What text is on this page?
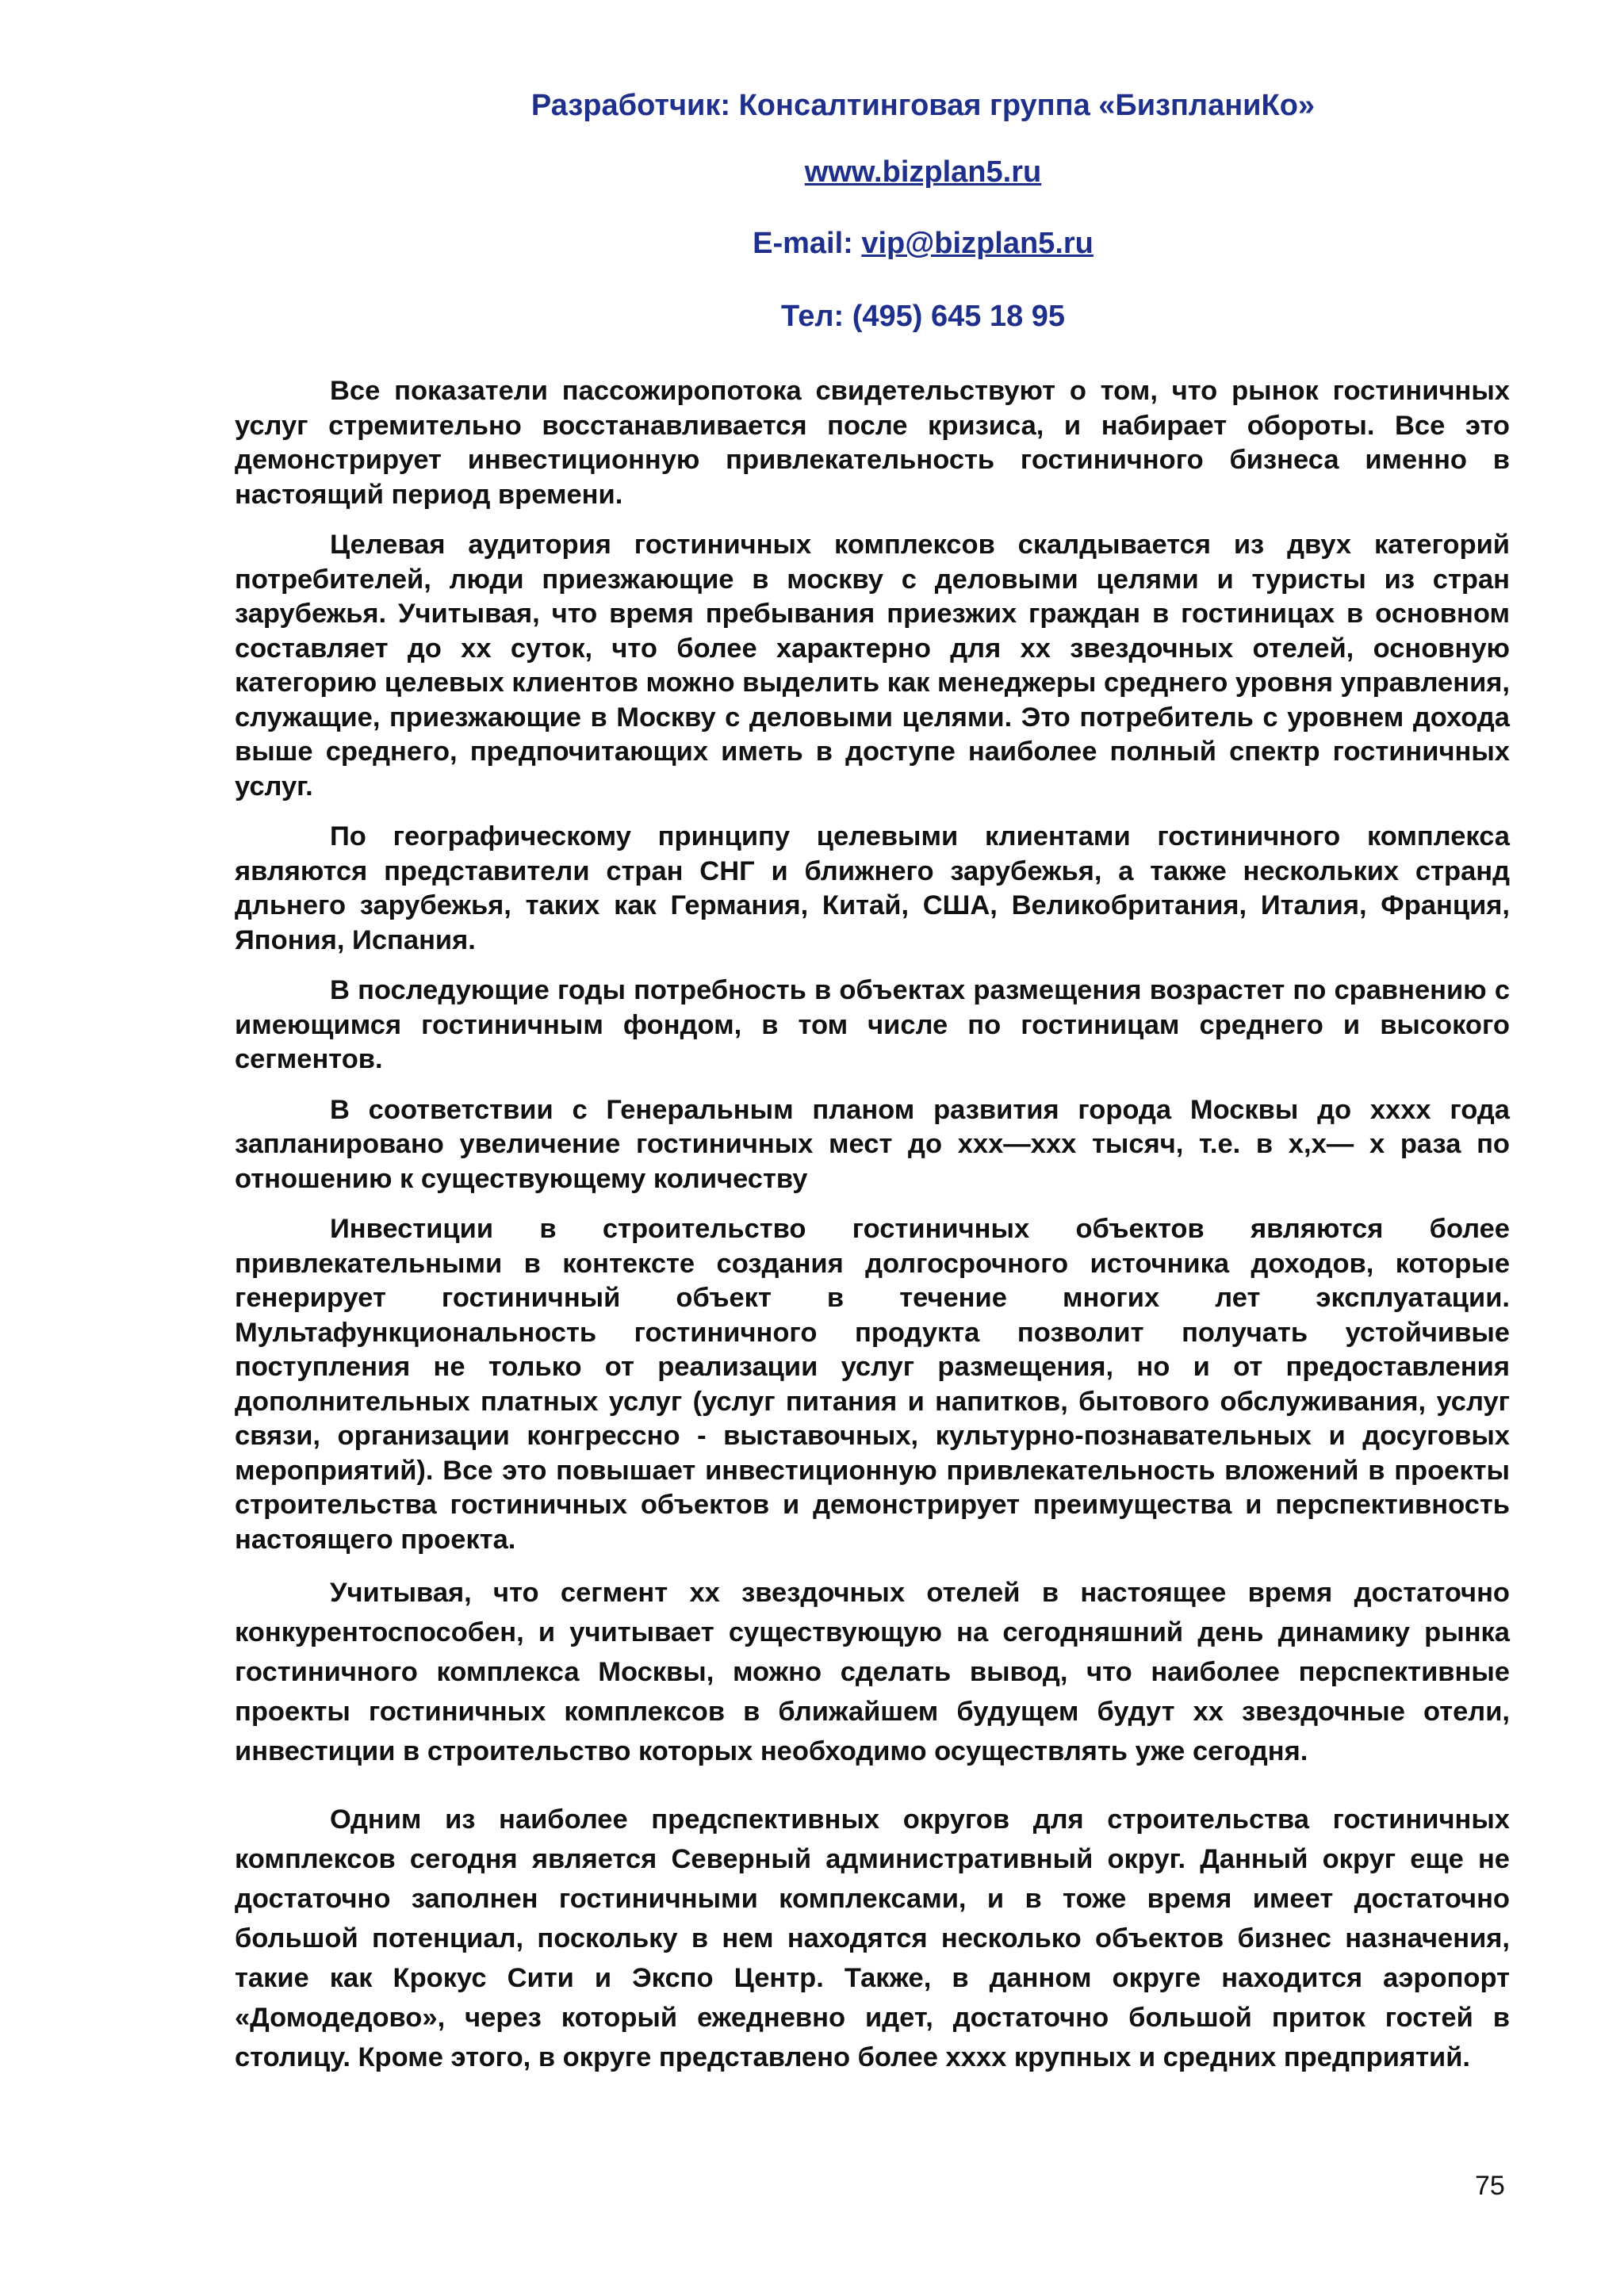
Разработчик: Консалтинговая группа «БизпланиКо»
www.bizplan5.ru
E-mail: vip@bizplan5.ru
Тел: (495) 645 18 95

Все показатели пассожиропотока свидетельствуют о том, что рынок гостиничных услуг стремительно восстанавливается после кризиса, и набирает обороты. Все это демонстрирует инвестиционную привлекательность гостиничного бизнеса именно в настоящий период времени.

Целевая аудитория гостиничных комплексов скалдывается из двух категорий потребителей, люди приезжающие в москву с деловыми целями и туристы из стран зарубежья. Учитывая, что время пребывания приезжих граждан в гостиницах в основном составляет до хх суток, что более характерно для хх звездочных отелей, основную категорию целевых клиентов можно выделить как менеджеры среднего уровня управления, служащие, приезжающие в Москву с деловыми целями. Это потребитель с уровнем дохода выше среднего, предпочитающих иметь в доступе наиболее полный спектр гостиничных услуг.

По географическому принципу целевыми клиентами гостиничного комплекса являются представители стран СНГ и ближнего зарубежья, а также нескольких странд дльнего зарубежья, таких как Германия, Китай, США, Великобритания, Италия, Франция, Япония, Испания.

В последующие годы потребность в объектах размещения возрастет по сравнению с имеющимся гостиничным фондом, в том числе по гостиницам среднего и высокого сегментов.

В соответствии с Генеральным планом развития города Москвы до хххх года запланировано увеличение гостиничных мест до ххх—ххх тысяч, т.е. в х,х— х раза по отношению к существующему количеству

Инвестиции в строительство гостиничных объектов являются более привлекательными в контексте создания долгосрочного источника доходов, которые генерирует гостиничный объект в течение многих лет эксплуатации. Мультафункциональность гостиничного продукта позволит получать устойчивые поступления не только от реализации услуг размещения, но и от предоставления дополнительных платных услуг (услуг питания и напитков, бытового обслуживания, услуг связи, организации конгрессно - выставочных, культурно-познавательных и досуговых мероприятий). Все это повышает инвестиционную привлекательность вложений в проекты строительства гостиничных объектов и демонстрирует преимущества и перспективность настоящего проекта.

Учитывая, что сегмент хх звездочных отелей в настоящее время достаточно конкурентоспособен, и учитывает существующую на сегодняшний день динамику рынка гостиничного комплекса Москвы, можно сделать вывод, что наиболее перспективные проекты гостиничных комплексов в ближайшем будущем будут хх звездочные отели, инвестиции в строительство которых необходимо осуществлять уже сегодня.

Одним из наиболее предспективных округов для строительства гостиничных комплексов сегодня является Северный административный округ. Данный округ еще не достаточно заполнен гостиничными комплексами, и в тоже время имеет достаточно большой потенциал, поскольку в нем находятся несколько объектов бизнес назначения, такие как Крокус Сити и Экспо Центр. Также, в данном округе находится аэропорт «Домодедово», через который ежедневно идет, достаточно большой приток гостей в столицу. Кроме этого, в округе представлено более хххх крупных и средних предприятий.

75
